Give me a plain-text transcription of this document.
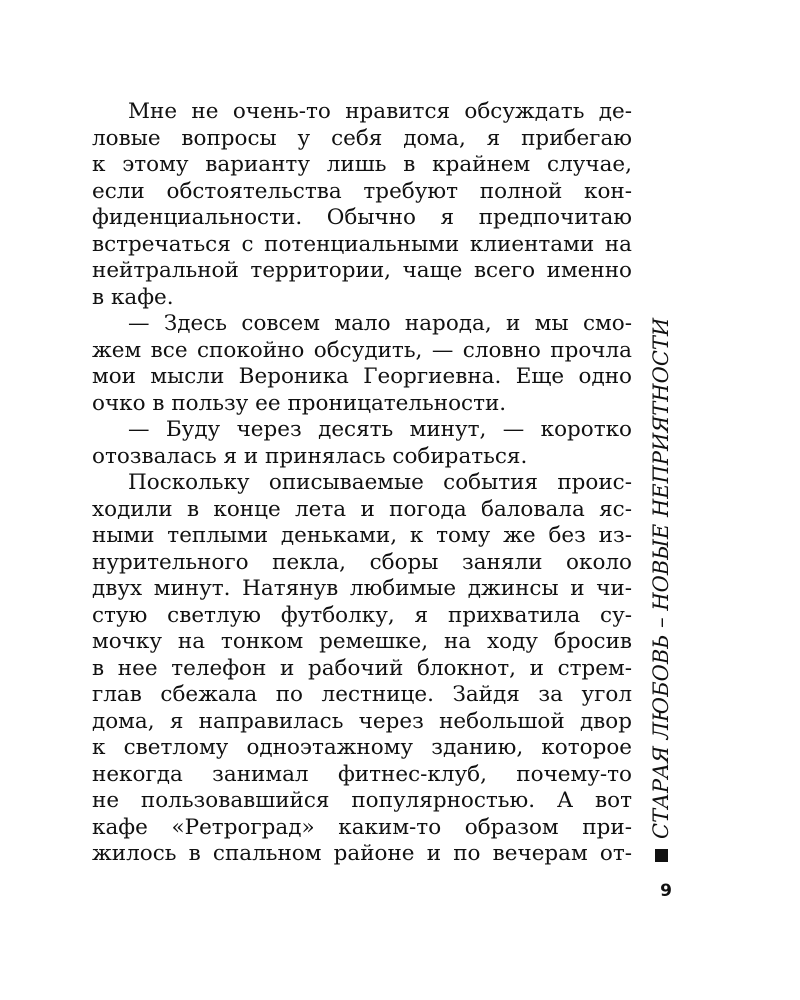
Мне не очень-то нравится обсуждать де-
ловые вопросы у себя дома, я прибегаю
к этому варианту лишь в крайнем случае,
если обстоятельства требуют полной кон-
фиденциальности. Обычно я предпочитаю
встречаться с потенциальными клиентами на
нейтральной территории, чаще всего именно
в кафе.
— Здесь совсем мало народа, и мы смо-
жем все спокойно обсудить, — словно прочла
мои мысли Вероника Георгиевна. Еще одно
очко в пользу ее проницательности.
— Буду через десять минут, — коротко
отозвалась я и принялась собираться.
Поскольку описываемые события проис-
ходили в конце лета и погода баловала яс-
ными теплыми деньками, к тому же без из-
нурительного пекла, сборы заняли около
двух минут. Натянув любимые джинсы и чи-
стую светлую футболку, я прихватила су-
мочку на тонком ремешке, на ходу бросив
в нее телефон и рабочий блокнот, и стрем-
глав сбежала по лестнице. Зайдя за угол
дома, я направилась через небольшой двор
к светлому одноэтажному зданию, которое
некогда занимал фитнес-клуб, почему-то
не пользовавшийся популярностью. А вот
кафе «Ретроград» каким-то образом при-
жилось в спальном районе и по вечерам от-
СТАРАЯ ЛЮБОВЬ – НОВЫЕ НЕПРИЯТНОСТИ
9
